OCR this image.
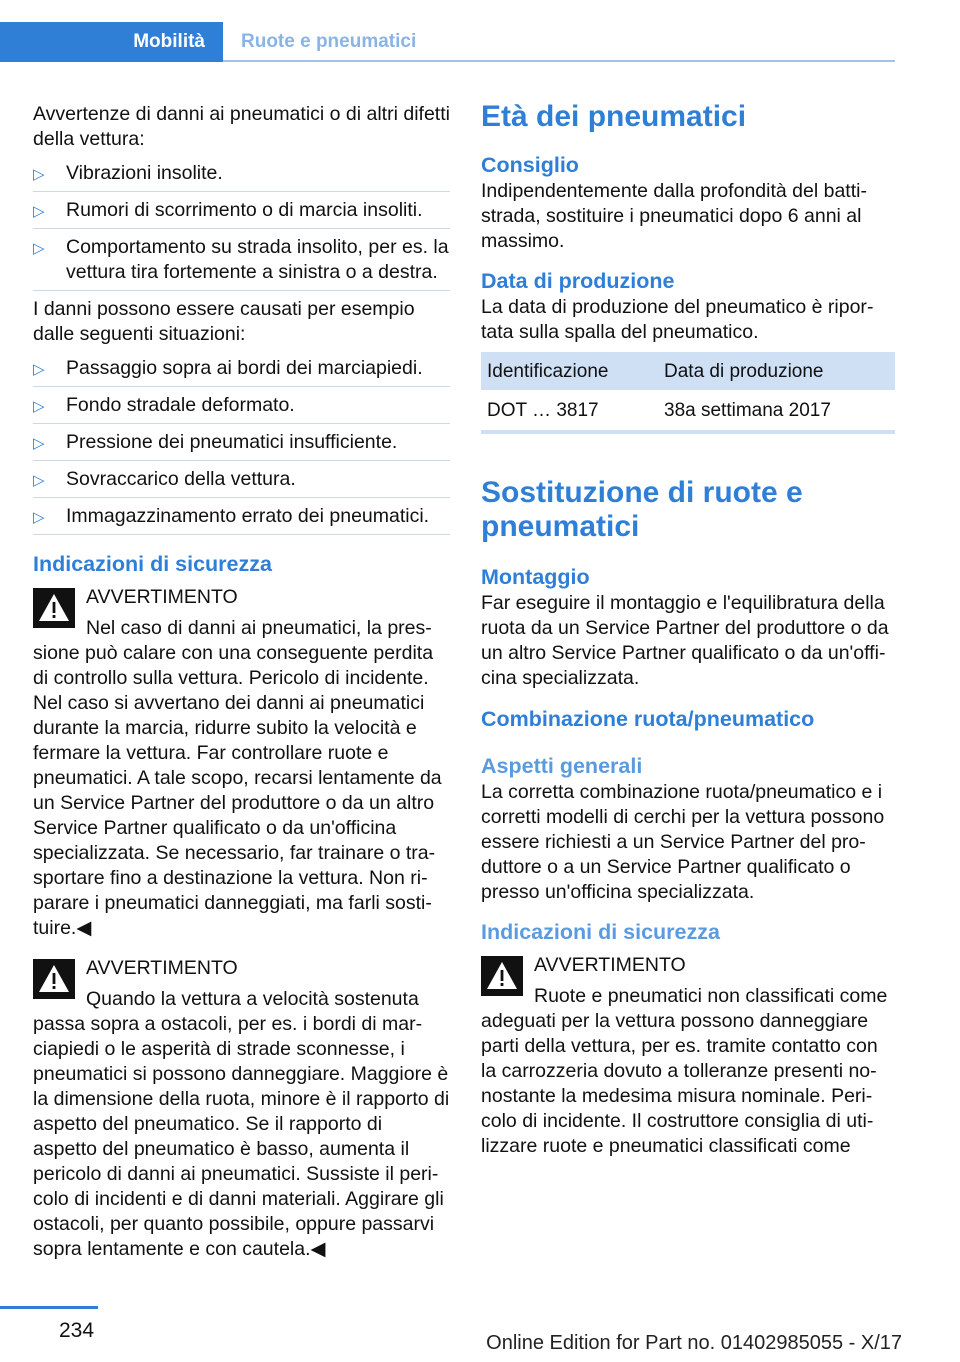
Mobilità Ruote e pneumatici

Avvertenze di danni ai pneumatici o di altri difetti della vettura:

▷ Vibrazioni insolite.
▷ Rumori di scorrimento o di marcia insoliti.
▷ Comportamento su strada insolito, per es. la vettura tira fortemente a sinistra o a destra.

I danni possono essere causati per esempio dalle seguenti situazioni:

▷ Passaggio sopra ai bordi dei marciapiedi.
▷ Fondo stradale deformato.
▷ Pressione dei pneumatici insufficiente.
▷ Sovraccarico della vettura.
▷ Immagazzinamento errato dei pneumatici.
Indicazioni di sicurezza
AVVERTIMENTO

Nel caso di danni ai pneumatici, la pressione può calare con una conseguente perdita di controllo sulla vettura. Pericolo di incidente. Nel caso si avvertano dei danni ai pneumatici durante la marcia, ridurre subito la velocità e fermare la vettura. Far controllare ruote e pneumatici. A tale scopo, recarsi lentamente da un Service Partner del produttore o da un altro Service Partner qualificato o da un'officina specializzata. Se necessario, far trainare o trasportare fino a destinazione la vettura. Non riparare i pneumatici danneggiati, ma farli sostituire.◀

AVVERTIMENTO

Quando la vettura a velocità sostenuta passa sopra a ostacoli, per es. i bordi di marciapiedi o le asperità di strade sconnesse, i pneumatici si possono danneggiare. Maggiore è la dimensione della ruota, minore è il rapporto di aspetto del pneumatico. Se il rapporto di aspetto del pneumatico è basso, aumenta il pericolo di danni ai pneumatici. Sussiste il pericolo di incidenti e di danni materiali. Aggirare gli ostacoli, per quanto possibile, oppure passarvi sopra lentamente e con cautela.◀

Età dei pneumatici
Consiglio

Indipendentemente dalla profondità del battistrada, sostituire i pneumatici dopo 6 anni al massimo.

Data di produzione

La data di produzione del pneumatico è riportata sulla spalla del pneumatico.

Identificazione	Data di produzione
DOT … 3817	38a settimana 2017
Sostituzione di ruote e pneumatici
Montaggio

Far eseguire il montaggio e l'equilibratura della ruota da un Service Partner del produttore o da un altro Service Partner qualificato o da un'officina specializzata.

Combinazione ruota/pneumatico
Aspetti generali

La corretta combinazione ruota/pneumatico e i corretti modelli di cerchi per la vettura possono essere richiesti a un Service Partner del produttore o a un Service Partner qualificato o presso un'officina specializzata.

Indicazioni di sicurezza
AVVERTIMENTO

Ruote e pneumatici non classificati come adeguati per la vettura possono danneggiare parti della vettura, per es. tramite contatto con la carrozzeria dovuto a tolleranze presenti nonostante la medesima misura nominale. Pericolo di incidente. Il costruttore consiglia di utilizzare ruote e pneumatici classificati come

234
Online Edition for Part no. 01402985055 - X/17
